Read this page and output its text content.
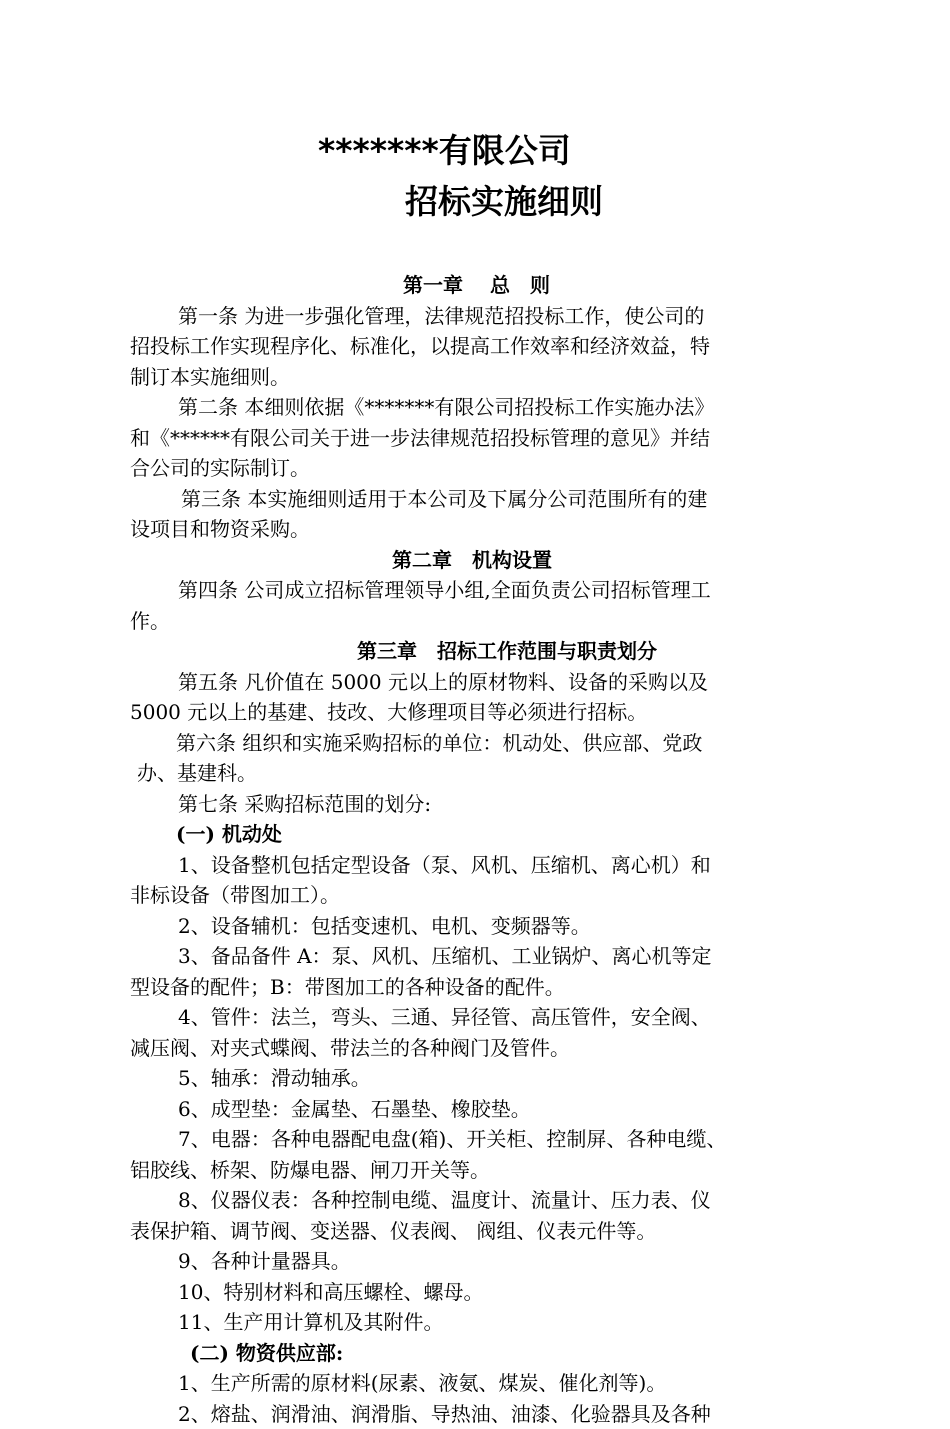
*******有限公司
招标实施细则
第一章　 总　则
第一条 为进一步强化管理，法律规范招投标工作，使公司的
招投标工作实现程序化、标准化，以提高工作效率和经济效益，特
制订本实施细则。
第二条 本细则依据《*******有限公司招投标工作实施办法》
和《******有限公司关于进一步法律规范招投标管理的意见》并结
合公司的实际制订。
第三条 本实施细则适用于本公司及下属分公司范围所有的建
设项目和物资采购。
第二章　机构设置
第四条 公司成立招标管理领导小组,全面负责公司招标管理工
作。
第三章　招标工作范围与职责划分
第五条 凡价值在 5000 元以上的原材物料、设备的采购以及
5000 元以上的基建、技改、大修理项目等必须进行招标。
第六条 组织和实施采购招标的单位：机动处、供应部、党政
办、基建科。
第七条 采购招标范围的划分:
(一) 机动处
1、设备整机包括定型设备（泵、风机、压缩机、离心机）和
非标设备（带图加工）。
2、设备辅机：包括变速机、电机、变频器等。
3、备品备件 A：泵、风机、压缩机、工业锅炉、离心机等定
型设备的配件；B：带图加工的各种设备的配件。
4、管件：法兰，弯头、三通、异径管、高压管件，安全阀、
减压阀、对夹式蝶阀、带法兰的各种阀门及管件。
5、轴承：滑动轴承。
6、成型垫：金属垫、石墨垫、橡胶垫。
7、电器：各种电器配电盘(箱)、开关柜、控制屏、各种电缆、
铝胶线、桥架、防爆电器、闸刀开关等。
8、仪器仪表：各种控制电缆、温度计、流量计、压力表、仪
表保护箱、调节阀、变送器、仪表阀、 阀组、仪表元件等。
9、各种计量器具。
10、特别材料和高压螺栓、螺母。
11、生产用计算机及其附件。
(二) 物资供应部:
1、生产所需的原材料(尿素、液氨、煤炭、催化剂等)。
2、熔盐、润滑油、润滑脂、导热油、油漆、化验器具及各种
